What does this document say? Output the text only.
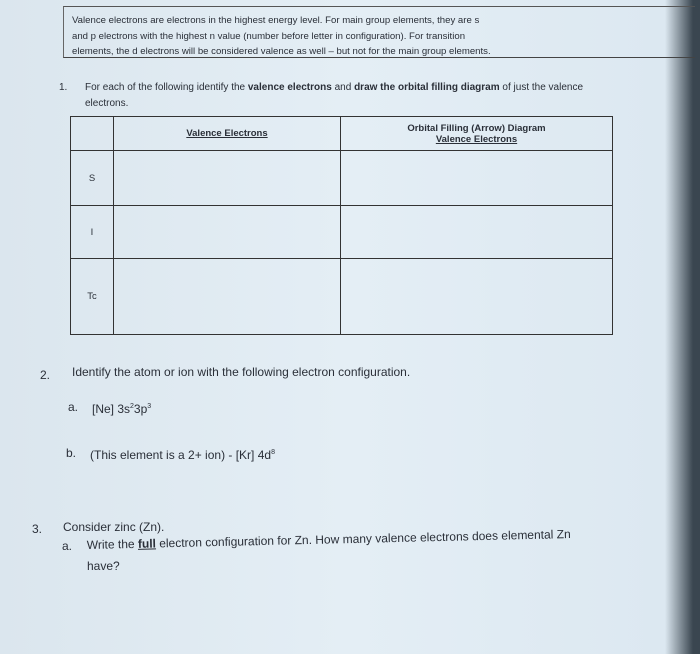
Valence electrons are electrons in the highest energy level. For main group elements, they are s
and p electrons with the highest n value (number before letter in configuration). For transition
elements, the d electrons will be considered valence as well – but not for the main group elements.
1. For each of the following identify the valence electrons and draw the orbital filling diagram of just the valence electrons.
	Valence Electrons	Orbital Filling (Arrow) Diagram
Valence Electrons
S		
I		
Tc		
2. Identify the atom or ion with the following electron configuration.
a. [Ne] $3s^23p^3$
b. (This element is a 2+ ion) - [Kr] $4d^8$
3. Consider zinc (Zn).
a. Write the full electron configuration for Zn. How many valence electrons does elemental Zn
have?
